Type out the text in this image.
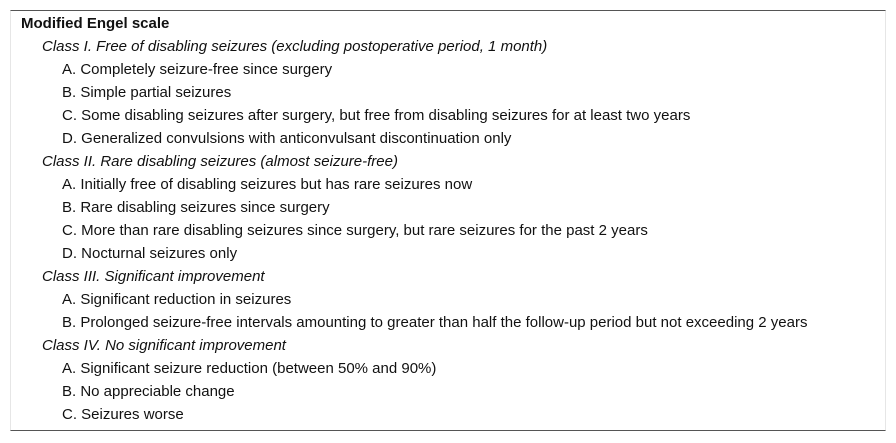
Modified Engel scale
Class I. Free of disabling seizures (excluding postoperative period, 1 month)
A. Completely seizure-free since surgery
B. Simple partial seizures
C. Some disabling seizures after surgery, but free from disabling seizures for at least two years
D. Generalized convulsions with anticonvulsant discontinuation only
Class II. Rare disabling seizures (almost seizure-free)
A. Initially free of disabling seizures but has rare seizures now
B. Rare disabling seizures since surgery
C. More than rare disabling seizures since surgery, but rare seizures for the past 2 years
D. Nocturnal seizures only
Class III. Significant improvement
A. Significant reduction in seizures
B. Prolonged seizure-free intervals amounting to greater than half the follow-up period but not exceeding 2 years
Class IV. No significant improvement
A. Significant seizure reduction (between 50% and 90%)
B. No appreciable change
C. Seizures worse
